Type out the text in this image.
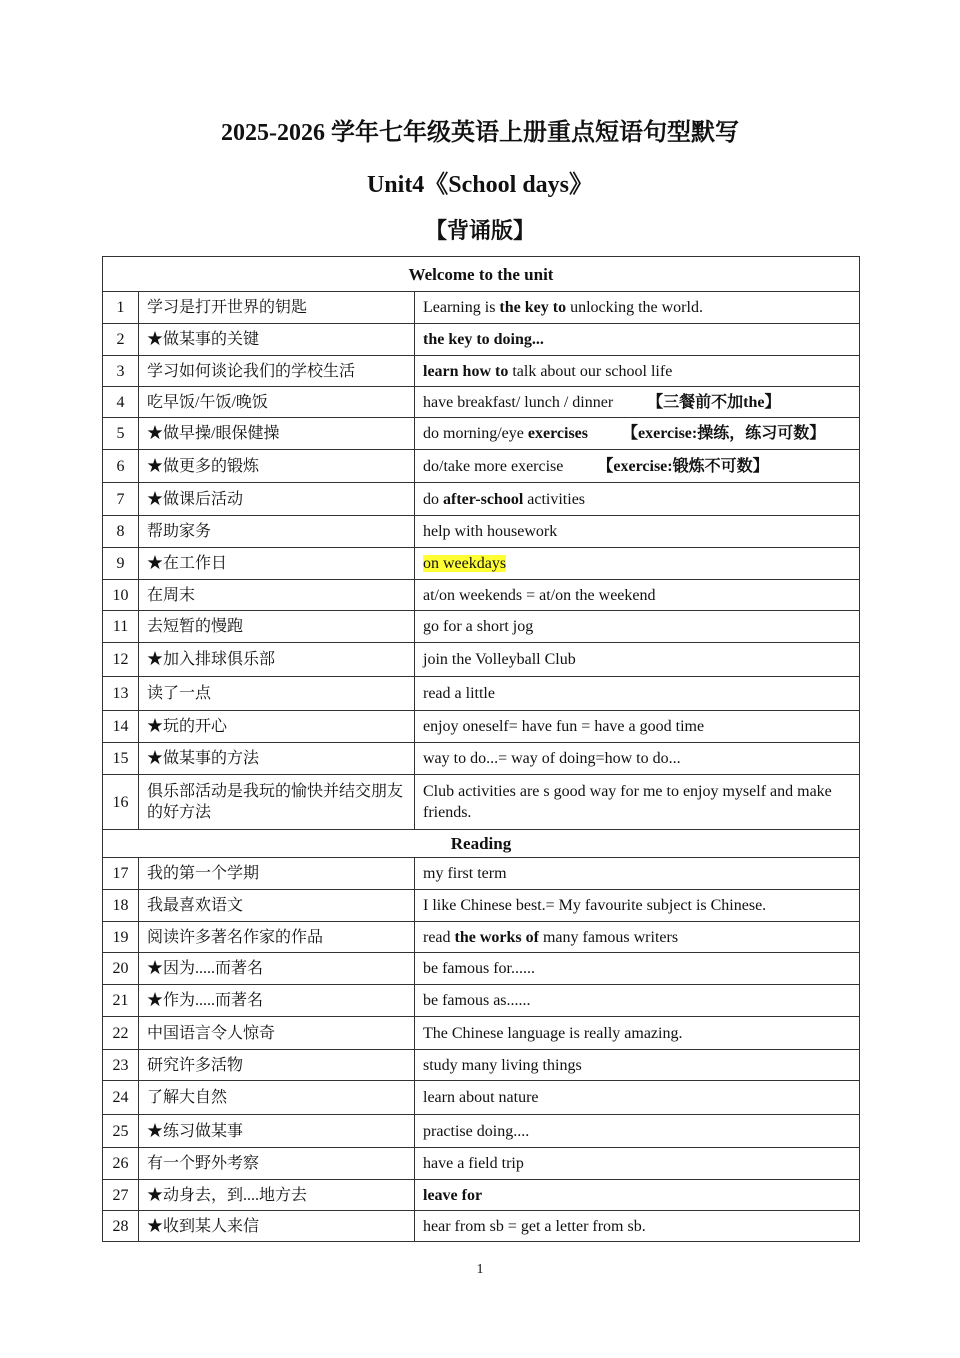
2025-2026 学年七年级英语上册重点短语句型默写
Unit4《School days》
【背诵版】
Welcome to the unit		
1	学习是打开世界的钥匙	Learning is the key to unlocking the world.
2	★做某事的关键	the key to doing...
3	学习如何谈论我们的学校生活	learn how to talk about our school life
4	吃早饭/午饭/晚饭	have breakfast/ lunch / dinner 【三餐前不加the】
5	★做早操/眼保健操	do morning/eye exercises 【exercise:操练，练习可数】
6	★做更多的锻炼	do/take more exercise 【exercise:锻炼不可数】
7	★做课后活动	do after-school activities
8	帮助家务	help with housework
9	★在工作日	on weekdays
10	在周末	at/on weekends = at/on the weekend
11	去短暂的慢跑	go for a short jog
12	★加入排球俱乐部	join the Volleyball Club
13	读了一点	read a little
14	★玩的开心	enjoy oneself= have fun = have a good time
15	★做某事的方法	way to do...= way of doing=how to do...
16	俱乐部活动是我玩的愉快并结交朋友的好方法	Club activities are s good way for me to enjoy myself and make friends.
Reading		
17	我的第一个学期	my first term
18	我最喜欢语文	I like Chinese best.= My favourite subject is Chinese.
19	阅读许多著名作家的作品	read the works of many famous writers
20	★因为.....而著名	be famous for......
21	★作为.....而著名	be famous as......
22	中国语言令人惊奇	The Chinese language is really amazing.
23	研究许多活物	study many living things
24	了解大自然	learn about nature
25	★练习做某事	practise doing....
26	有一个野外考察	have a field trip
27	★动身去，到....地方去	leave for
28	★收到某人来信	hear from sb = get a letter from sb.
1
